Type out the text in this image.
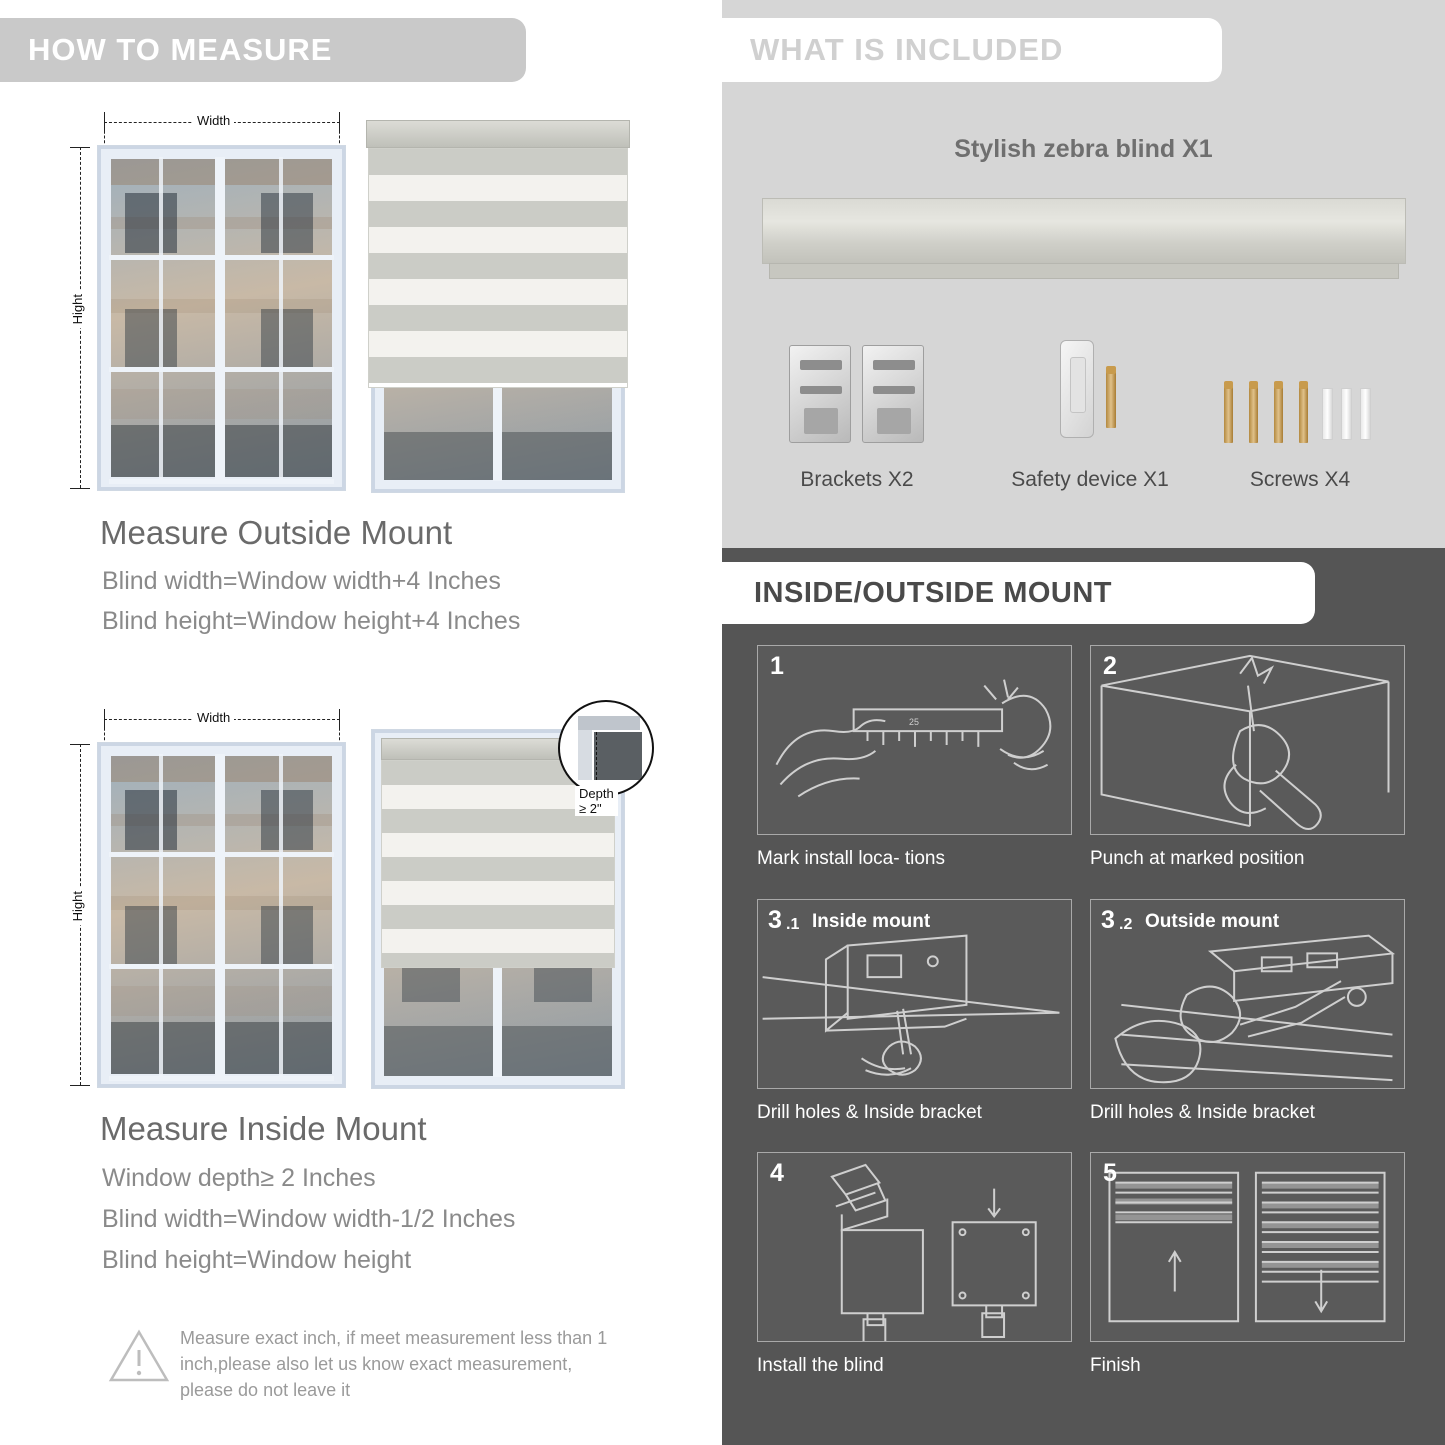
HOW TO MEASURE
Width
Hight
Measure Outside Mount
Blind width=Window width+4 Inches
Blind height=Window height+4 Inches
Width
Hight
Depth ≥ 2"
Measure Inside Mount
Window depth≥ 2 Inches
Blind width=Window width-1/2 Inches
Blind height=Window height
Measure exact inch, if meet measurement less than 1 inch,please also let us know exact measurement, please do not leave it
WHAT IS INCLUDED
Stylish zebra blind X1
Brackets X2	Safety device X1	Screws X4
INSIDE/OUTSIDE MOUNT
25
1
Mark install loca- tions
2
Punch at marked position
3 .1 Inside mount
Drill holes & Inside bracket
3 .2 Outside mount
Drill holes & Inside bracket
4
Install the blind
5
Finish
